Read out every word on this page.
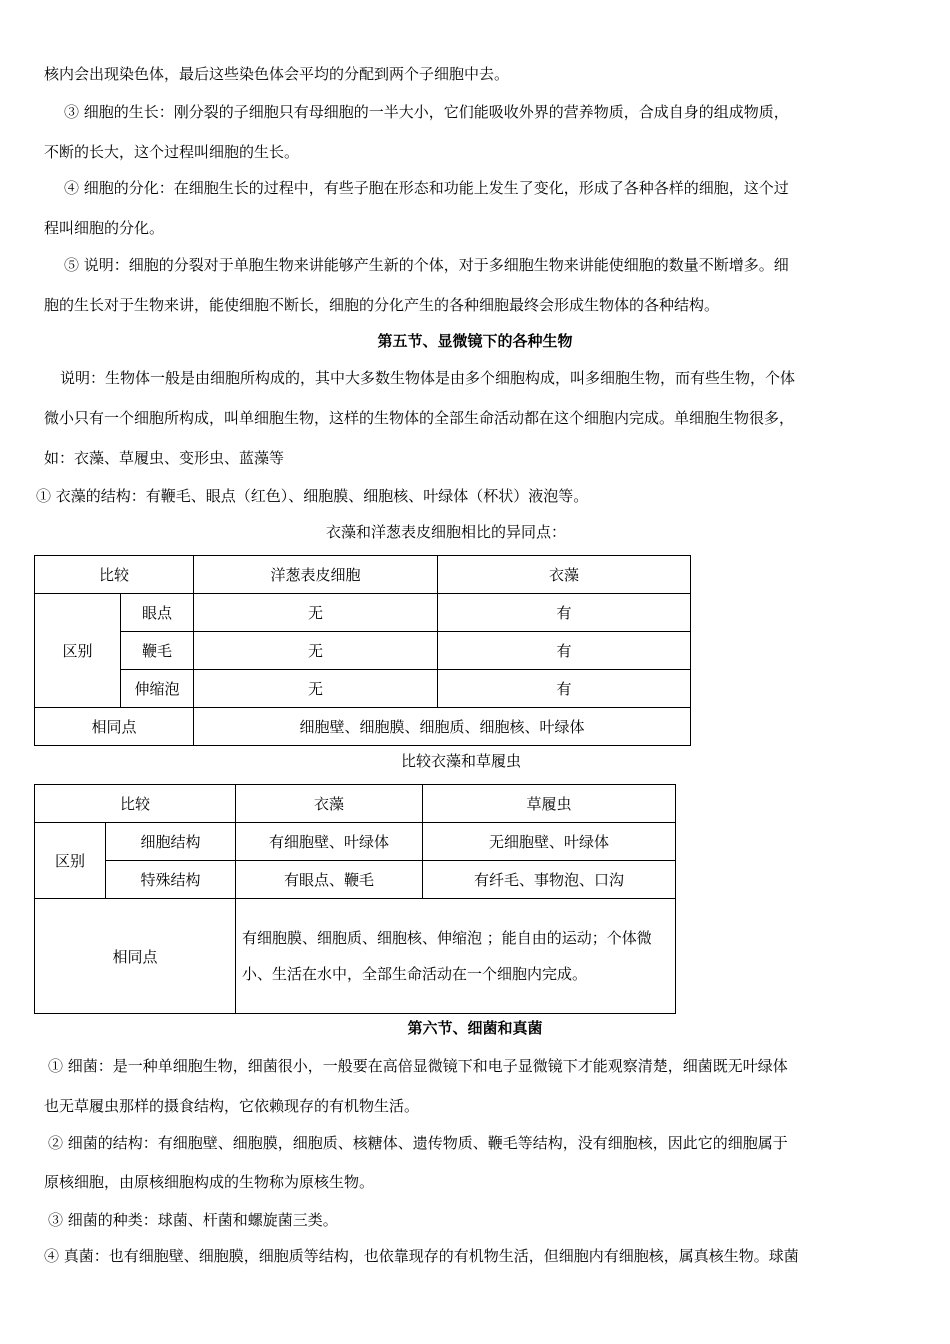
核内会出现染色体，最后这些染色体会平均的分配到两个子细胞中去。
③ 细胞的生长：刚分裂的子细胞只有母细胞的一半大小，它们能吸收外界的营养物质，合成自身的组成物质，
不断的长大，这个过程叫细胞的生长。
④ 细胞的分化：在细胞生长的过程中，有些子胞在形态和功能上发生了变化，形成了各种各样的细胞，这个过
程叫细胞的分化。
⑤ 说明：细胞的分裂对于单胞生物来讲能够产生新的个体，对于多细胞生物来讲能使细胞的数量不断增多。细
胞的生长对于生物来讲，能使细胞不断长，细胞的分化产生的各种细胞最终会形成生物体的各种结构。
第五节、显微镜下的各种生物
说明：生物体一般是由细胞所构成的，其中大多数生物体是由多个细胞构成，叫多细胞生物，而有些生物，个体
微小只有一个细胞所构成，叫单细胞生物，这样的生物体的全部生命活动都在这个细胞内完成。单细胞生物很多，
如：衣藻、草履虫、变形虫、蓝藻等
① 衣藻的结构：有鞭毛、眼点（红色）、细胞膜、细胞核、叶绿体（杯状）液泡等。
衣藻和洋葱表皮细胞相比的异同点：
比较		洋葱表皮细胞	衣藻
区别	眼点	无	有
	鞭毛	无	有
	伸缩泡	无	有
相同点		细胞壁、细胞膜、细胞质、细胞核、叶绿体	
比较衣藻和草履虫
比较		衣藻	草履虫
区别	细胞结构	有细胞壁、叶绿体	无细胞壁、叶绿体
	特殊结构	有眼点、鞭毛	有纤毛、事物泡、口沟
相同点		有细胞膜、细胞质、细胞核、伸缩泡 ；能自由的运动；个体微小、生活在水中，全部生命活动在一个细胞内完成。	
第六节、细菌和真菌
① 细菌：是一种单细胞生物，细菌很小，一般要在高倍显微镜下和电子显微镜下才能观察清楚，细菌既无叶绿体
也无草履虫那样的摄食结构，它依赖现存的有机物生活。
② 细菌的结构：有细胞壁、细胞膜，细胞质、核糖体、遗传物质、鞭毛等结构，没有细胞核，因此它的细胞属于
原核细胞，由原核细胞构成的生物称为原核生物。
③ 细菌的种类：球菌、杆菌和螺旋菌三类。
④ 真菌：也有细胞壁、细胞膜，细胞质等结构，也依靠现存的有机物生活，但细胞内有细胞核，属真核生物。球菌
